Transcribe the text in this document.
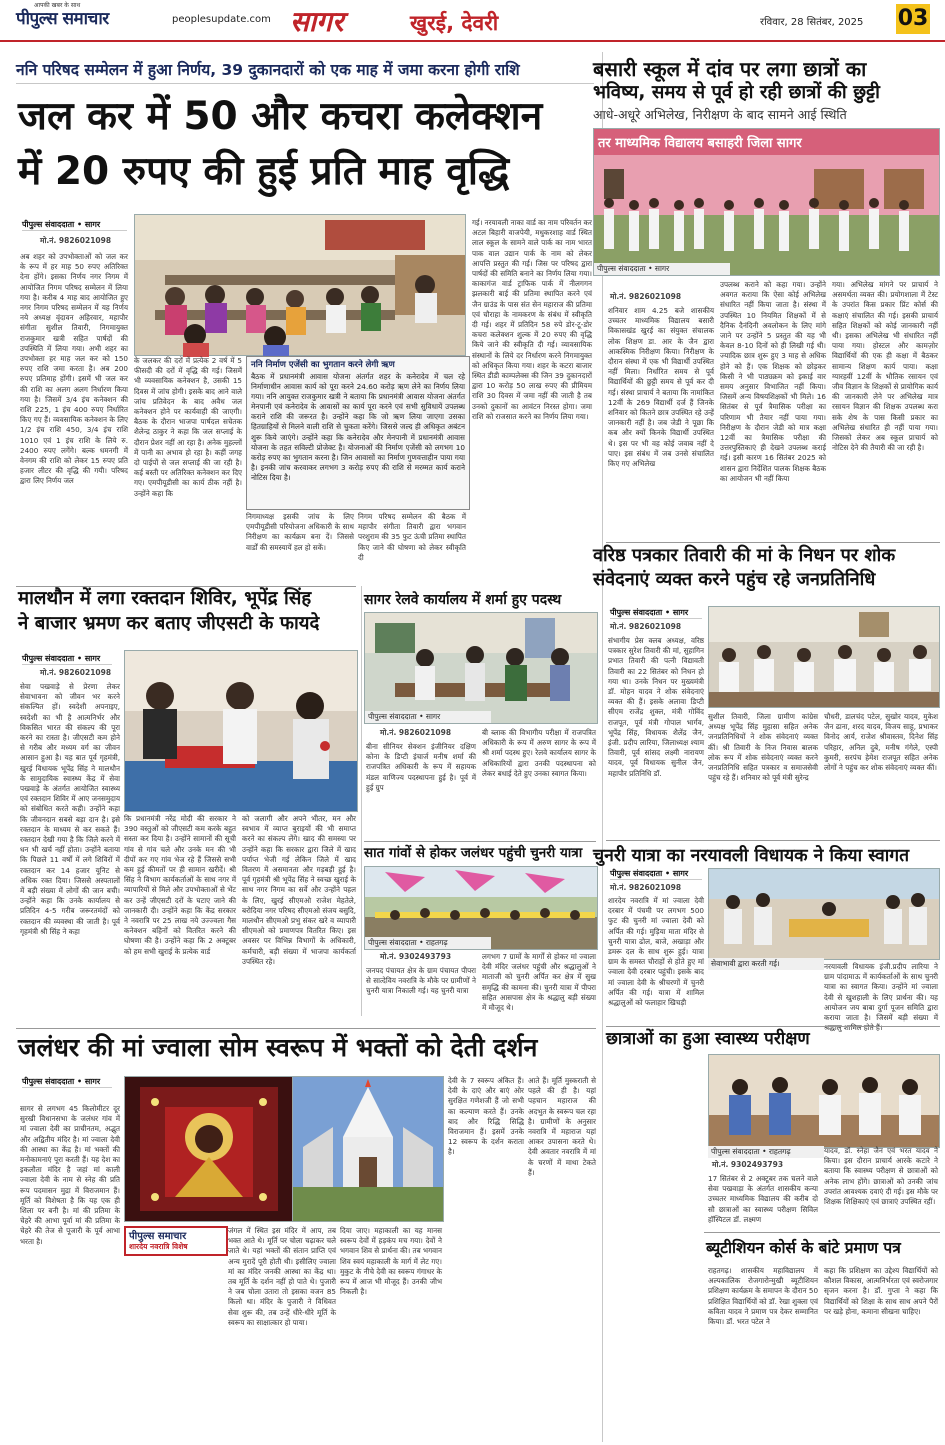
आपकी खबर के साथ
पीपुल्स समाचार	peoplesupdate.com सागर	खुरई, देवरी	रविवार, 28 सितंबर, 2025 03
ननि परिषद सम्मेलन में हुआ निर्णय, 39 दुकानदारों को एक माह में जमा करना होगी राशि
जल कर में 50 और कचरा कलेक्शन
में 20 रुपए की हुई प्रति माह वृद्धि
पीपुल्स संवाददाता • सागर
मो.नं. 9826021098
अब शहर को उपभोक्ताओं को जल कर के रूप में हर माह 50 रुपए अतिरिक्त देना होंगे। इसका निर्णय नगर निगम में आयोजित निगम परिषद सम्मेलन में लिया गया है। करीब 4 माह बाद आयोजित हुए नगर निगम परिषद सम्मेलन में यह निर्णय नये अध्यक्ष वृंदावन अहिरवार, महापौर संगीता सुशील तिवारी, निगमायुक्त राजकुमार खत्री सहित पार्षदों की उपस्थिति में लिया गया। अभी शहर का उपभोक्ता हर माह जल कर को 150 रुपए राशि जमा करता है। अब 200 रुपए प्रतिमाह होंगी। इसमें भी जल कर की राशि का अलग अलग निर्धारण किया गया है। जिसमें 3/4 इंच कनेक्शन की राशि 225, 1 इंच 400 रुपए निर्धारित किए गए हैं। व्यवसायिक कनेक्शन के लिए 1/2 इंच राशि 450, 3/4 इंच राशि 1010 एवं 1 इंच राशि के लिये रु. 2400 रुपए लगेंगे। बल्क धमनगी में वेनगम की राशि को लेकर 15 रुपए प्रति हजार लीटर की वृद्धि की गयी। परिषद द्वारा लिए निर्णय जल
ननि निर्माण एजेंसी का भुगतान करने लेगी ऋण
बैठक में प्रधानमंत्री आवास योजना अंतर्गत शहर के कनेरादेव में चल रहे निर्माणाधीन आवास कार्य को पूरा करने 24.60 करोड़ ऋण लेने का निर्णय लिया गया। ननि आयुक्त राजकुमार खत्री ने बताया कि प्रधानमंत्री आवास योजना अंतर्गत मेनपानी एवं कनेरादेव के आवासों का कार्य पूरा करने एवं सभी सुविधायें उपलब्ध कराने राशि की जरूरत है। उन्होंने कहा कि जो ऋण लिया जाएगा उसका हितग्राहियों से मिलने वाली राशि से चुकता करेंगे। जिससे जल्द ही अधिकृत अबंटन शुरू किये जाएंगे। उन्होंने कहा कि कनेरादेव और मेनपानी में प्रधानमंत्री आवास योजना के तहत सविल्टी प्रोजेक्ट है। योजनाओं की निर्माण एजेंसी को लगभग 10 करोड़ रुपए का भुगतान करना है। जिन आवासों का निर्माण गुणवत्ताहीन पाया गया है। इनकी जांच करवाकर लगभग 3 करोड़ रुपए की राशि से मरम्मत कार्य कराने नोटिस दिया है।
के जलकर की दरों में प्रत्येक 2 वर्ष में 5 फीसदी की दरों में वृद्धि की गई। जिसमें भी व्यवसायिक कनेक्शन है, उसकी 15 दिवस में जांच होगी। इसके बाद आने वाले जांच प्रतिवेदन के बाद अवैध जल कनेक्शन होने पर कार्यवाही की जाएगी। बैठक के दौरान भाजपा पार्षदल सचेतक शैलेन्द्र ठाकुर ने कहा कि जल सप्लाई के दौरान प्रेशर नहीं आ रहा है। अनेक मुहल्लों में पानी का अभाव हो रहा है। कहीं जगह दो पाईपों से जल सप्लाई की जा रही है। कई बस्ती पर अतिरिक्त कनेक्शन कर दिए गए। एमपीयूडीसी का कार्य ठीक नहीं है। उन्होंने कहा कि
निगमाध्यक्ष इसकी जांच के लिए एमपीयूडीसी परियोजना अधिकारी के साथ निरीक्षण का कार्यक्रम बना दें। जिससे वार्डों की समस्यायें हल हो सकें।
निगम परिषद सम्मेलन की बैठक में महापौर संगीता तिवारी द्वारा भगवान परशुराम की 35 फुट ऊंची प्रतिमा स्थापित किए जाने की घोषणा को लेकर स्वीकृति दी
गई। नरयावली नाका वार्ड का नाम परिवर्तन कर अटल बिहारी वाजपेयी, मधुकरशाह वार्ड स्थित लाल स्कूल के सामने वाले पार्क का नाम भारत पाक वाल उद्यान पार्क के नाम को लेकर आपत्ति प्रस्तुत की गई। जिस पर परिषद द्वारा पार्षदों की समिति बनाने का निर्णय लिया गया। काकागंज वार्ड ट्राफिक पार्क में नीलगगन झलकारी बाई की प्रतिमा स्थापित करने एवं जैन ग्राउंड के पास संत सेन महाराज की प्रतिमा एवं चौराहा के नामकरण के संबंध में स्वीकृति दी गई। शहर में प्रतिदिन 58 रुपे डोर-टू-डोर कचरा कलेक्शन शुल्क में 20 रुपए की वृद्धि किये जाने की स्वीकृति दी गई। व्यावसायिक संस्थानों के लिये दर निर्धारण करने निगमायुक्त को अधिकृत किया गया। शहर के कटरा बाजार स्थित डीडी काम्पलेक्स की जिन 39 दुकानदारों द्वारा 10 करोड़ 50 लाख रुपए की प्रीमियम राशि 30 दिवस में जमा नहीं की जाती है तब उनको दुकानों का आवंटन निरस्त होगा। जमा राशि को राजसात करने का निर्णय लिया गया।
बसारी स्कूल में दांव पर लगा छात्रों का
भविष्य, समय से पूर्व हो रही छात्रों की छुट्टी
आधे-अधूरे अभिलेख, निरीक्षण के बाद सामने आई स्थिति
तर माध्यमिक विद्यालय बसाहरी जिला सागर
पीपुल्स संवाददाता • सागर
मो.नं. 9826021098
शनिवार शाम 4.25 बजे शासकीय उच्चतर माध्यमिक विद्यालय बसारी विकासखंड खुरई का संयुक्त संचालक लोक शिक्षण डा. आर के जैन द्वारा आकस्मिक निरीक्षण किया। निरीक्षण के दौरान संस्था में एक भी विद्यार्थी उपस्थित नहीं मिला। निर्धारित समय से पूर्व विद्यार्थियों की छुट्टी समय से पूर्व कर दी गई। संस्था प्राचार्य ने बताया कि नामांकित 12वीं के 269 विद्यार्थी दर्ज हैं जिनके शनिवार को कितने छात्र उपस्थित रहे उन्हें जानकारी नहीं है। जब जेडी ने पूछा कि कब और क्यों किनके विद्यार्थी उपस्थित थे। इस पर भी वह कोई जवाब नहीं दे पाए। इस संबंध में जब उनसे संचालित किए गए अभिलेख
उपलब्ध कराने को कहा गया। उन्होंने अवगत कराया कि ऐसा कोई अभिलेख संधारित नहीं किया जाता है। संस्था में उपस्थित 10 नियमित शिक्षकों में से दैनिक दैनंदिनी अवलोकन के लिए मांगे जाने पर उन्होंने 5 प्रस्तुत की यह भी केवल 8-10 दिनों को ही लिखी गई थी। ज्यादिक छात्र शुरू हुए 3 माह से अधिक होने को हैं। एक शिक्षक को छोड़कर किसी ने भी पाठ्यक्रम को इकाई वार समय अनुसार विभाजित नहीं किया। जिसमें अन्य विषयशिक्षकों भी मिले। 16 सितंबर से पूर्व त्रैमासिक परीक्षा का परिणाम भी तैयार नहीं पाया गया। निरीक्षण के दौरान जेडी को मात्र कक्षा 12वीं का त्रैमासिक परीक्षा की उत्तरपुस्तिकाएं ही देखने उपलब्ध कराई गई। इसी कारण 16 सितंबर 2025 को शासन द्वारा निर्देशित पालक शिक्षक बैठक का आयोजन भी नहीं किया
गया। अभिलेख मांगने पर प्राचार्य ने असमर्थता व्यक्त की। प्रयोगशाला में टेस्ट के उपरांत किस प्रकार प्रिंट कोर्स की कक्षाएं संचालित की गई। इसकी प्राचार्य सहित शिक्षकों को कोई जानकारी नहीं थी। इसका अभिलेख भी संधारित नहीं पाया गया। होस्टल और कामज़ोर विद्यार्थियों की एक ही कक्षा में बैठकर सामान्य शिक्षण कार्य पाया। कक्षा ग्यारहवीं 12वीं के भौतिक रसायन एवं जीव विज्ञान के शिक्षकों से प्रायोगिक कार्य की जानकारी लेने पर अभिलेख मात्र रसायन विज्ञान की शिक्षक उपलब्ध करा सके शेष के पास किसी प्रकार का अभिलेख संधारित ही नहीं पाया गया। जिसको लेकर अब स्कूल प्राचार्य को नोटिस देने की तैयारी की जा रही है।
वरिष्ठ पत्रकार तिवारी की मां के निधन पर शोक
संवेदनाएं व्यक्त करने पहुंच रहे जनप्रतिनिधि
पीपुल्स संवाददाता • सागर
मो.नं. 9826021098
संभागीय प्रेस क्लब अध्यक्ष, वरिष्ठ पत्रकार सुरेश तिवारी की मां, सुहागिन प्रभात तिवारी की पत्नी विद्यावती तिवारी का 22 सितंबर को निधन हो गया था। उनके निधन पर मुख्यमंत्री डॉ. मोहन यादव ने शोक संवेदनाएं व्यक्त की हैं। इसके अलावा डिप्टी सीएम राजेंद्र शुक्ल, मंत्री गोविंद राजपूत, पूर्व मंत्री गोपाल भार्गव, भूपेंद्र सिंह, विधायक शैलेंद्र जैन, इंजी. प्रदीप लारिया, जिलाध्यक्ष श्याम तिवारी, पूर्व सांसद लक्ष्मी नारायण यादव, पूर्व विधायक सुनील जैन, महापौर प्रतिनिधि डॉ.
सुशील तिवारी, जिला ग्रामीण कांग्रेस अध्यक्ष भूपेंद्र सिंह मुहासा सहित अनेक जनप्रतिनिधियों ने शोक संवेदनाएं व्यक्त कीं। श्री तिवारी के निज निवास बालक लोक रूप में शोक संवेदनाएं व्यक्त करने जनप्रतिनिधि सहित पत्रकार व समाजसेवी पहुंच रहे हैं। शनिवार को पूर्व मंत्री सुरेन्द्र
चौधरी, डालचंद पटेल, सुखोर यादव, मुकेश जैन ढाना, शरद यादव, विजय साहू, प्रभाकर विनोद आर्य, राजेश श्रीवास्तव, दिनेश सिंह परिहार, अनिल दुबे, मनीष गंगेले, एस्पी कुमरी, सरपंच हेमेश राजपूत सहित अनेक लोगों ने पहुंच कर शोक संवेदनाएं व्यक्त कीं।
मालथौन में लगा रक्तदान शिविर, भूपेंद्र सिंह
ने बाजार भ्रमण कर बताए जीएसटी के फायदे
पीपुल्स संवाददाता • सागर
मो.नं. 9826021098
सेवा पखवाड़े से प्रेरणा लेकर सेवाभावना को जीवन भर करने संकल्पित हों। स्वदेशी अपनाइए, स्वदेशी का भी है आत्मनिर्भर और विकसित भारत की संकल्प की पूरा करने का रास्ता है। जीएसटी कम होने से गरीब और मध्यम वर्ग का जीवन आसान हुआ है। यह बात पूर्व गृहमंत्री, खुरई विधायक भूपेंद्र सिंह ने मालथौन के सामुदायिक स्वास्थ्य केंद्र में सेवा पखवाड़े के अंतर्गत आयोजित स्वास्थ्य एवं रक्तदान शिविर में आए जनसमुदाय को संबोधित करते कही। उन्होंने कहा कि जीवनदान सबसे बड़ा दान है। इसे रक्तदान के माध्यम से कर सकते हैं। रक्तदान देखी गया है कि जिले करने में धन भी खर्च नहीं होता। उन्होंने बताया कि पिछले 11 वर्षों में लगे शिविरों में रक्तदान कर 14 हजार यूनिट से अधिक रक्त दिया। जिससे अस्पतालों में बड़ी संख्या में लोगों की जान बची। उन्होंने कहा कि उनके कार्यालय से प्रतिदिन 4-5 गरीब जरूरतमंदों को रक्तदान की व्यवस्था की जाती है। पूर्व गृहमंत्री श्री सिंह ने कहा
कि प्रधानमंत्री नरेंद्र मोदी की सरकार ने 390 वस्तुओं को जीएसटी कम करके बहुत सस्ता कर दिया है। उन्होंने सामानों की सूची गांव से गांव चले और उनके मन की भी दीपों कर गए गांव भेज रहे हैं जिससे सभी कम हुई कीमतों पर ही सामान खरीदें। श्री सिंह ने विभाग कार्यकर्ताओं के साथ नगर में व्यापारियों से मिले और उपभोक्ताओं से भेंट कर उन्हें जीएसटी दरों के घटाए जाने की जानकारी दी। उन्होंने कहा कि केंद्र सरकार ने नवरात्रि पर 25 लाख नये उज्ज्वला गैस कनेक्शन बहिनों को वितरित करने की घोषणा की है। उन्होंने कहा कि 2 अक्टूबर को हम सभी खुराई के प्रत्येक वार्ड
को जलागी और अपने भीतर, मन और स्वभाव में व्याप्त बुराइयों की भी समाप्त करने का संकल्प लेंगे। खाद की समस्या पर उन्होंने कहा कि सरकार द्वारा जिले में खाद पर्याप्त भेजी गई लेकिन जिले में खाद वितरण में असमानता और गड़बड़ी हुई है। पूर्व गृहमंत्री श्री भूपेंद्र सिंह ने स्वच्छ खुराई के साथ नगर निगम का सर्वे और उन्होंने पहल के लिए, खुरई सीएमओ राजेश मेहतेले, बरोदिया नगर परिषद सीएमओ संजय बसुदि, मालथौन सीएमओ प्रभु संकर खरे व व्यापारी सीएमओ को प्रमाणपत्र वितरित किए। इस अवसर पर विभिन्न विभागों के अधिकारी, कर्मचारी, बड़ी संख्या में भाजपा कार्यकर्ता उपस्थित रहे।
सागर रेलवे कार्यालय में शर्मा हुए पदस्थ
पीपुल्स संवाददाता • सागर
मो.नं. 9826021098
बीना सीनियर सेक्शन इंजीनियर दक्षिण कोना के डिप्टी इंचार्ज मनीष शर्मा की राजपत्रित अधिकारी के रूप में सहायक मंडल वाणिज्य पदस्थापना हुई है। पूर्व में हुई ग्रुप
बी ब्लाक की विभागीय परीक्षा में राजपत्रित अधिकारी के रूप में अरुण सागर के रूप में श्री शर्मा पदस्थ हुए। रेलवे कार्यालय सागर के अधिकारियों द्वारा उनकी पदस्थापना को लेकर बधाई देते हुए उनका स्वागत किया।
सात गांवों से होकर जलंधर पहुंची चुनरी यात्रा
पीपुल्स संवाददाता • राहतगढ़
मो.नं. 9302493793
जनपद पंचायत क्षेत्र के ग्राम पंचायत पीपरा से सात्देविय नवरात्रि के मौके पर ग्रामीणों ने चुनरी यात्रा निकाली गई। यह चुनरी यात्रा
लगभग 7 ग्रामों के मार्गों से होकर मां ज्वाला देवी मंदिर जलंधर पहुंची और श्रद्धालुओं ने माताजी को चुनरी अर्पित कर क्षेत्र में सुख समृद्धि की कामना की। चुनरी यात्रा में पीपरा सहित आसपास क्षेत्र के श्रद्धालु बड़ी संख्या में मौजूद थे।
चुनरी यात्रा का नरयावली विधायक ने किया स्वागत
पीपुल्स संवाददाता • सागर
मो.नं. 9826021098
शारदेय नवरात्रि में मां ज्वाला देवी दरबार में पंचमी पर लगभग 500 फुट की चुनरी मां ज्वाला देवी को अर्पित की गई। मुड़िया माता मंदिर से चुनरी यात्रा ढोल, बाजे, अखाड़ा और डमरू दल के साथ शुरू हुई। यात्रा ग्राम के समस्त चौराहों से होते हुए मां ज्वाला देवी दरबार पहुंची। इसके बाद मां ज्वाला देवी के श्रीचरणों में चुनरी अर्पित की गई। यात्रा में शामिल श्रद्धालुओं को फलाहार खिचड़ी
सेवाभावी द्वारा करती गई।	नरयावली विधायक इंजी.प्रदीप लारिया ने ग्राम पांदामाऊ में कार्यकर्ताओं के साथ चुनरी यात्रा का स्वागत किया। उन्होंने मां ज्वाला देवी से खुशहाली के लिए प्रार्थना की। यह आयोजन जय बाबा दुर्गा पूजन समिति द्वारा कराया जाता है। जिसमें बड़ी संख्या में श्रद्धालु शामिल होते हैं।
जलंधर की मां ज्वाला सोम स्वरूप में भक्तों को देती दर्शन
पीपुल्स संवाददाता • सागर
सागर से लगभग 45 किलोमीटर दूर सुरखी विधानसभा के जलंधर गांव में मां ज्वाला देवी का प्राचीनतम, अद्भुत और अद्वितीय मंदिर है। मां ज्वाला देवी की आस्था का केंद्र है। मां भक्तों की मनोकामनाएं पूरा करती हैं। यह देश का इकलौता मंदिर है जहां मां काली ज्वाला देवी के नाम से स्नेह की प्रति रूप पदमासन मुद्रा में विराजमान हैं। मूर्ति को विशेषता है कि यह एक ही शिला पर बनी है। मां की प्रतिमा के चेहरे की आभा पूर्वा मां की प्रतिमा के चेहरे की तेज से पूजारी के पूर्व आभा भरता है।	पीपुल्स समाचार
शारदेय नवरात्रि विशेष
जंगल में स्थित इस मंदिर में आप, तब भक्त आते थे। मूर्ति पर चोला चढ़ाकर चले जाते थे। यहां भक्तों की संतान प्राप्ति एवं अन्य मुरादें पूरी होती थी। इसीलिए ज्वाला मां का मंदिर जनकी आस्था का केंद्र था। तब मूर्ति के दर्शन नहीं हो पाते थे। पुजारी ने जब चोला उतारा तो इसका वजन 85 किलो था। मंदिर के पुजारी ने विधिवत सेवा शुरू की, तब उन्हें धीरे-धीरे मूर्ति के स्वरूप का साक्षात्कार हो पाया।
दिया जाए। महाकाली का यह मानस स्वरूप देवों में हड़कंप मच गया। देवों ने भगवान शिव से प्रार्थना की। तब भगवान शिव स्वयं महाकाली के मार्ग में लेट गए। मुकुट के नीचे देवी का स्वरूप गंगाधर के रूप में आज भी मौजूद हैं। उनकी जीभ निकली है।
देवी के 7 स्वरूप अंकित हैं। देवी के दाएं और बाएं ओर सुरक्षित गणेशजी हैं जो सभी का कल्याण करते हैं। उनके बाद और रिद्धि सिद्धि विराजमान हैं। इसमें उनके 12 स्वरूप के दर्शन कराता है।
आते हैं। मूर्ति मुस्कराती से पहले की ही है। यहां पहचान महाराज की अदभुत के स्वरूप चल रहा है। ग्रामीणों के अनुसार नवरात्रि में महाराज यहां आकर उपासना करते थे। देवी अवतार नवरात्रि में मां के चरणों में माथा टेकते हैं।
छात्राओं का हुआ स्वास्थ्य परीक्षण
पीपुल्स संवाददाता • राहतगढ़
मो.नं. 9302493793
17 सितंबर से 2 अक्टूबर तक चलने वाले सेवा पखवाड़ा के अंतर्गत शासकीय कन्या उच्चतर माध्यमिक विद्यालय की करीब दो सौ छात्राओं का स्वास्थ्य परीक्षण सिविल हॉस्पिटल डॉ. लक्ष्मण
यादव, डॉ. स्नेहा जैन एवं भरत यादव ने किया। इस दौरान प्राचार्य आरके कटारे ने बताया कि स्वास्थ्य परीक्षण से छात्राओं को अनेक लाभ होंगे। छात्राओं को उनकी जांच उपरांत आवश्यक दवाएं दी गई। इस मौके पर शिक्षक शिक्षिकाएं एवं छात्राएं उपस्थित रहीं।
ब्यूटीशियन कोर्स के बांटे प्रमाण पत्र
राहतगढ़। शासकीय महाविद्यालय में अल्पकालिक रोजगारोन्मुखी ब्यूटीशियन प्रशिक्षण कार्यक्रम के समापन के दौरान 50 प्रशिक्षित विद्यार्थियों को डॉ. रेखा शुक्ला एवं कविता यादव ने प्रमाण पत्र देकर सम्मानित किया। डॉ. भरत पटेल ने
कहा कि प्रशिक्षण का उद्देश्य विद्यार्थियों को कौशल विकास, आत्मनिर्भरता एवं स्वरोजगार सृजन करना है। डॉ. गुप्ता ने कहा कि विद्यार्थियों को शिक्षा के साथ साथ अपने पैरों पर खड़े होना, कमाना सीखना चाहिए।
